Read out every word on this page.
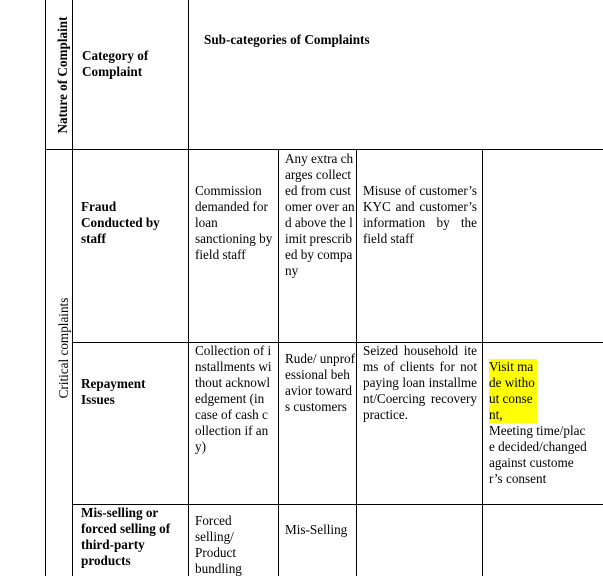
Nature of Complaint Category of Complaint
Sub-categories of Complaints
Critical complaints
Fraud Conducted by staff
Commission demanded for loan sanctioning by field staff
Any extra charges collected from customer over and above the limit prescribed by company
Misuse of customer’s KYC and customer’s information by the field staff
Repayment Issues
Collection of installments without acknowledgement (in case of cash collection if any)
Rude/ unprofessional behavior towards customers
Seized household items of clients for not paying loan installment/Coercing recovery practice.
Visit made without consent,
Meeting time/place decided/changed against customer’s consent
Mis-selling or forced selling of third-party products
Forced selling/ Product bundling
Mis-Selling
